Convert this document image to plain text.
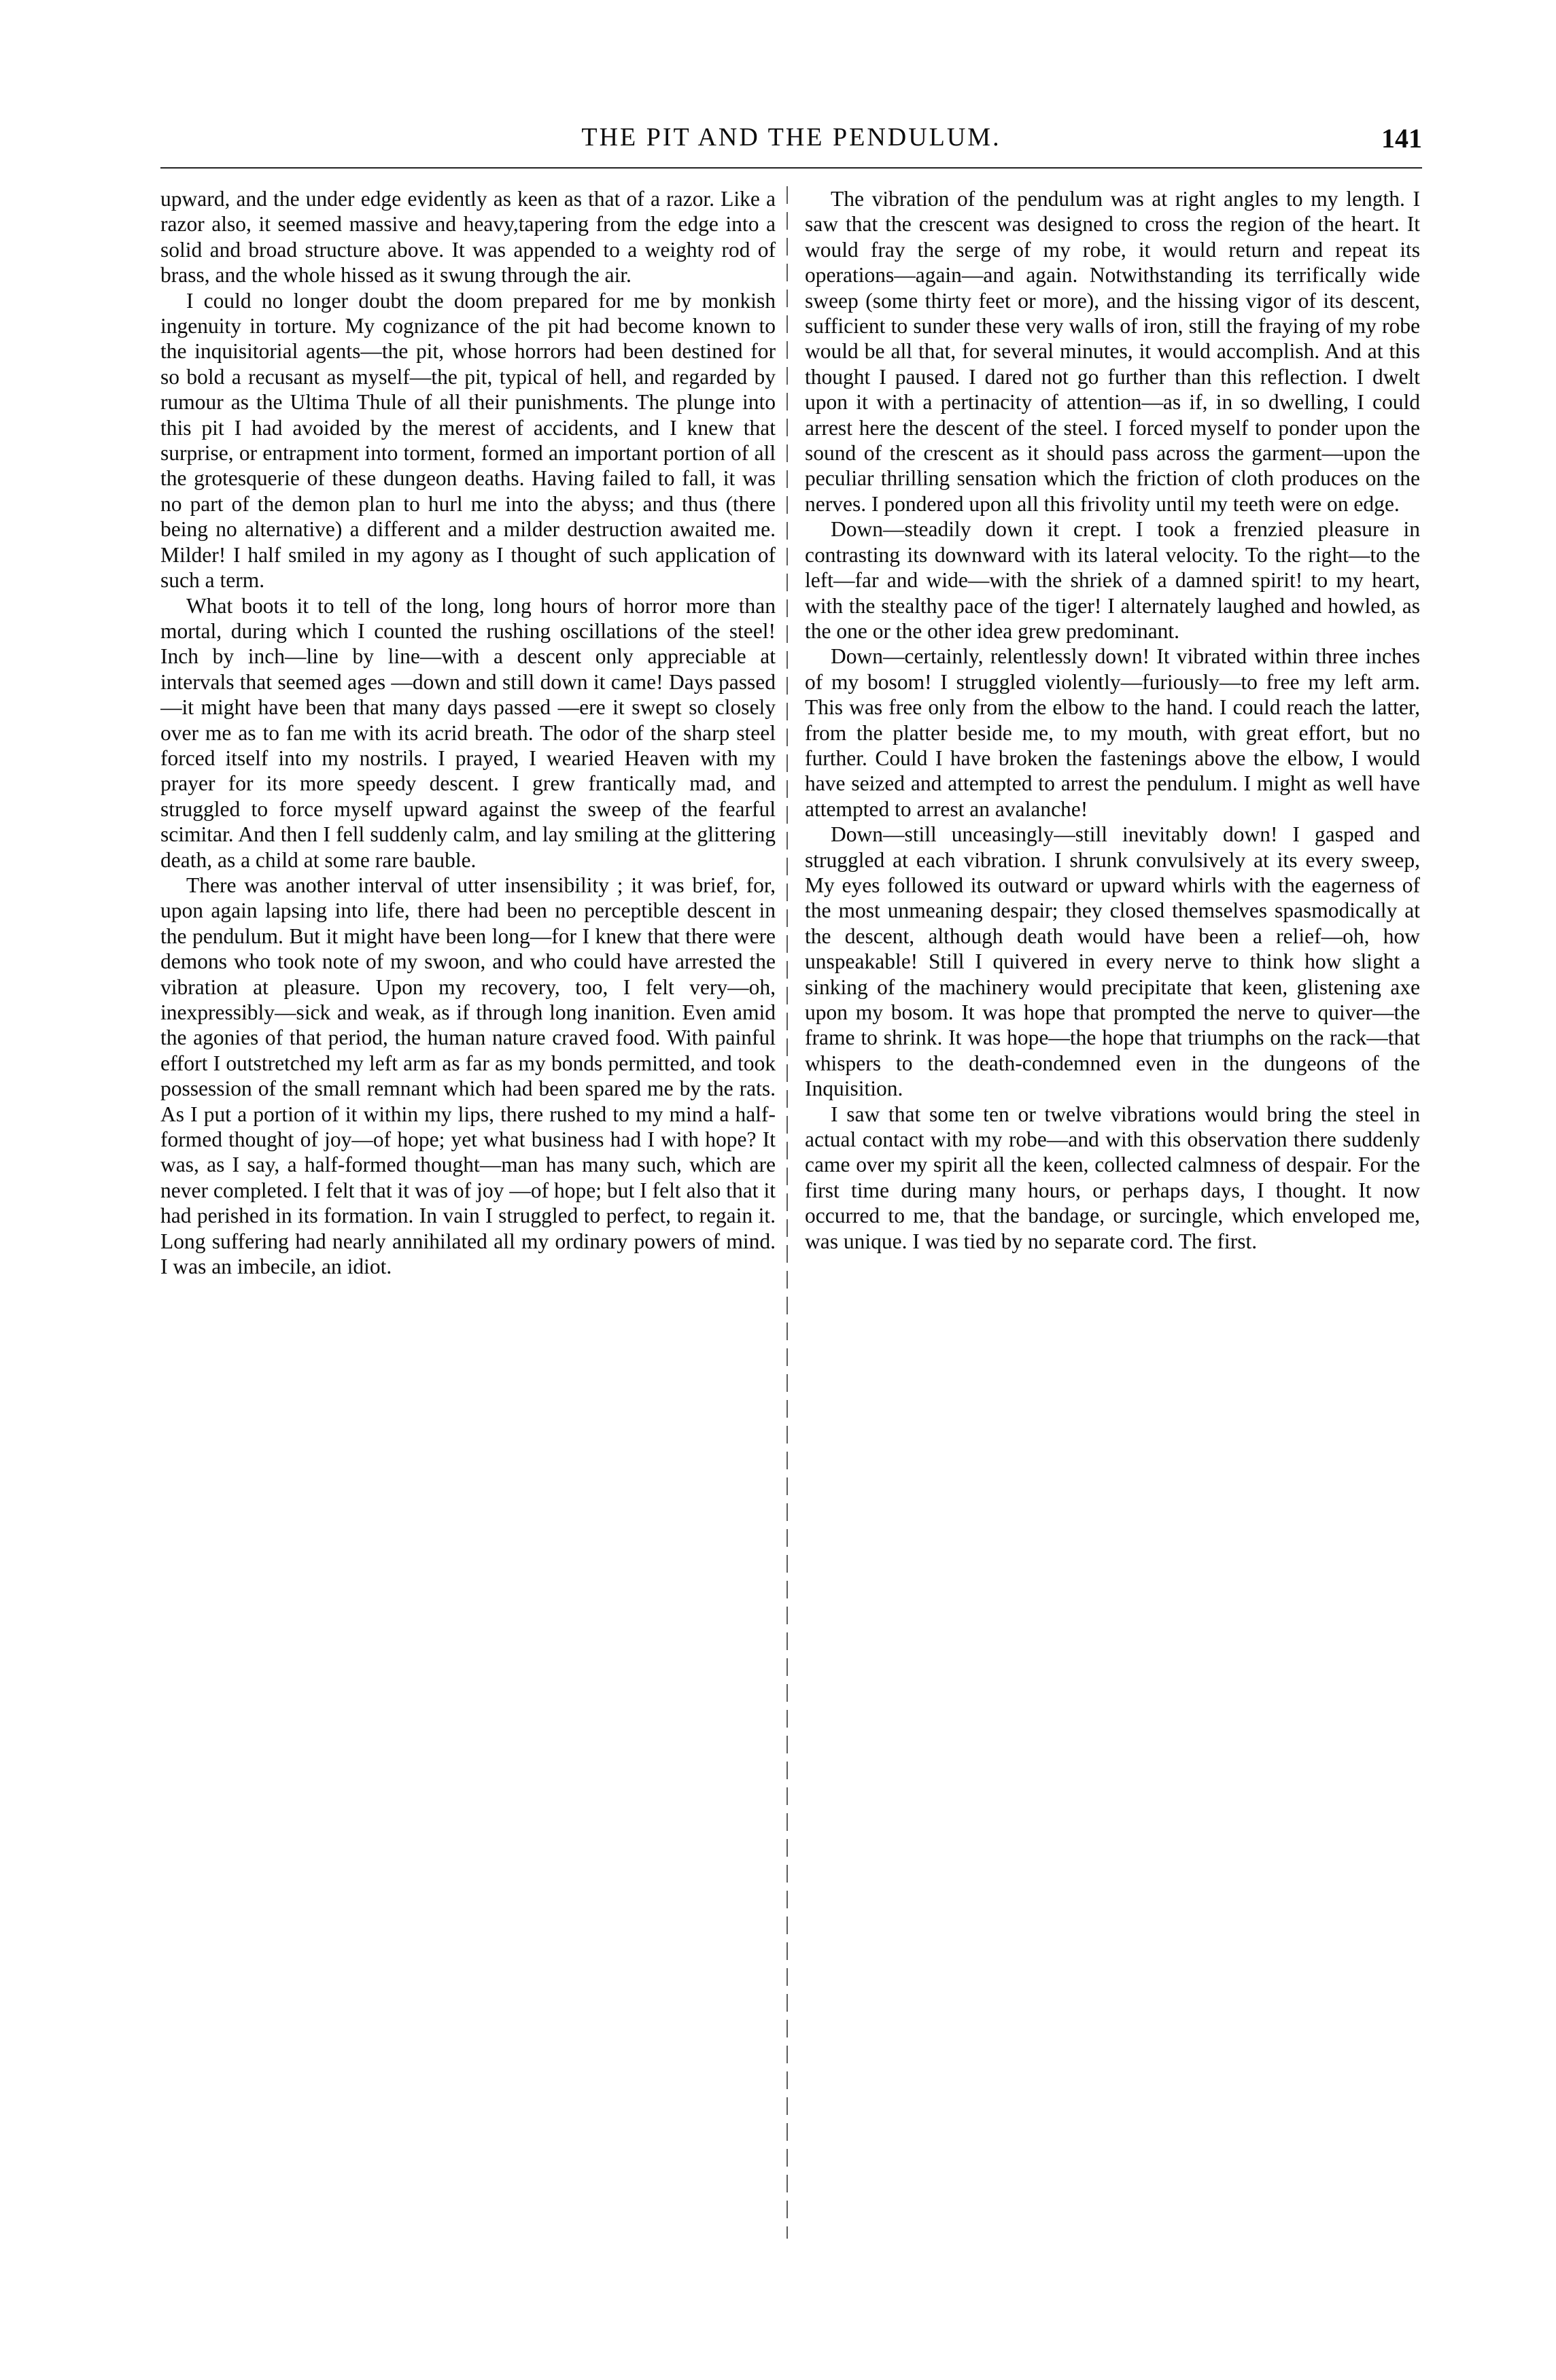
THE PIT AND THE PENDULUM.	141

upward, and the under edge evidently as keen as that of a razor. Like a razor also, it seemed massive and heavy,tapering from the edge into a solid and broad structure above. It was appended to a weighty rod of brass, and the whole hissed as it swung through the air.

I could no longer doubt the doom prepared for me by monkish ingenuity in torture. My cognizance of the pit had become known to the inquisitorial agents—the pit, whose horrors had been destined for so bold a recusant as myself—the pit, typical of hell, and regarded by rumour as the Ultima Thule of all their punishments. The plunge into this pit I had avoided by the merest of accidents, and I knew that surprise, or entrapment into torment, formed an important portion of all the grotesquerie of these dungeon deaths. Having failed to fall, it was no part of the demon plan to hurl me into the abyss; and thus (there being no alternative) a different and a milder destruction awaited me. Milder! I half smiled in my agony as I thought of such application of such a term.

What boots it to tell of the long, long hours of horror more than mortal, during which I counted the rushing oscillations of the steel! Inch by inch—line by line—with a descent only appreciable at intervals that seemed ages —down and still down it came! Days passed —it might have been that many days passed —ere it swept so closely over me as to fan me with its acrid breath. The odor of the sharp steel forced itself into my nostrils. I prayed, I wearied Heaven with my prayer for its more speedy descent. I grew frantically mad, and struggled to force myself upward against the sweep of the fearful scimitar. And then I fell suddenly calm, and lay smiling at the glittering death, as a child at some rare bauble.

There was another interval of utter insensibility ; it was brief, for, upon again lapsing into life, there had been no perceptible descent in the pendulum. But it might have been long—for I knew that there were demons who took note of my swoon, and who could have arrested the vibration at pleasure. Upon my recovery, too, I felt very—oh, inexpressibly—sick and weak, as if through long inanition. Even amid the agonies of that period, the human nature craved food. With painful effort I outstretched my left arm as far as my bonds permitted, and took possession of the small remnant which had been spared me by the rats. As I put a portion of it within my lips, there rushed to my mind a half-formed thought of joy—of hope; yet what business had I with hope? It was, as I say, a half-formed thought—man has many such, which are never completed. I felt that it was of joy —of hope; but I felt also that it had perished in its formation. In vain I struggled to perfect, to regain it. Long suffering had nearly annihilated all my ordinary powers of mind. I was an imbecile, an idiot.

The vibration of the pendulum was at right angles to my length. I saw that the crescent was designed to cross the region of the heart. It would fray the serge of my robe, it would return and repeat its operations—again—and again. Notwithstanding its terrifically wide sweep (some thirty feet or more), and the hissing vigor of its descent, sufficient to sunder these very walls of iron, still the fraying of my robe would be all that, for several minutes, it would accomplish. And at this thought I paused. I dared not go further than this reflection. I dwelt upon it with a pertinacity of attention—as if, in so dwelling, I could arrest here the descent of the steel. I forced myself to ponder upon the sound of the crescent as it should pass across the garment—upon the peculiar thrilling sensation which the friction of cloth produces on the nerves. I pondered upon all this frivolity until my teeth were on edge.

Down—steadily down it crept. I took a frenzied pleasure in contrasting its downward with its lateral velocity. To the right—to the left—far and wide—with the shriek of a damned spirit! to my heart, with the stealthy pace of the tiger! I alternately laughed and howled, as the one or the other idea grew predominant.

Down—certainly, relentlessly down! It vibrated within three inches of my bosom! I struggled violently—furiously—to free my left arm. This was free only from the elbow to the hand. I could reach the latter, from the platter beside me, to my mouth, with great effort, but no further. Could I have broken the fastenings above the elbow, I would have seized and attempted to arrest the pendulum. I might as well have attempted to arrest an avalanche!

Down—still unceasingly—still inevitably down! I gasped and struggled at each vibration. I shrunk convulsively at its every sweep, My eyes followed its outward or upward whirls with the eagerness of the most unmeaning despair; they closed themselves spasmodically at the descent, although death would have been a relief—oh, how unspeakable! Still I quivered in every nerve to think how slight a sinking of the machinery would precipitate that keen, glistening axe upon my bosom. It was hope that prompted the nerve to quiver—the frame to shrink. It was hope—the hope that triumphs on the rack—that whispers to the death-condemned even in the dungeons of the Inquisition.

I saw that some ten or twelve vibrations would bring the steel in actual contact with my robe—and with this observation there suddenly came over my spirit all the keen, collected calmness of despair. For the first time during many hours, or perhaps days, I thought. It now occurred to me, that the bandage, or surcingle, which enveloped me, was unique. I was tied by no separate cord. The first.
